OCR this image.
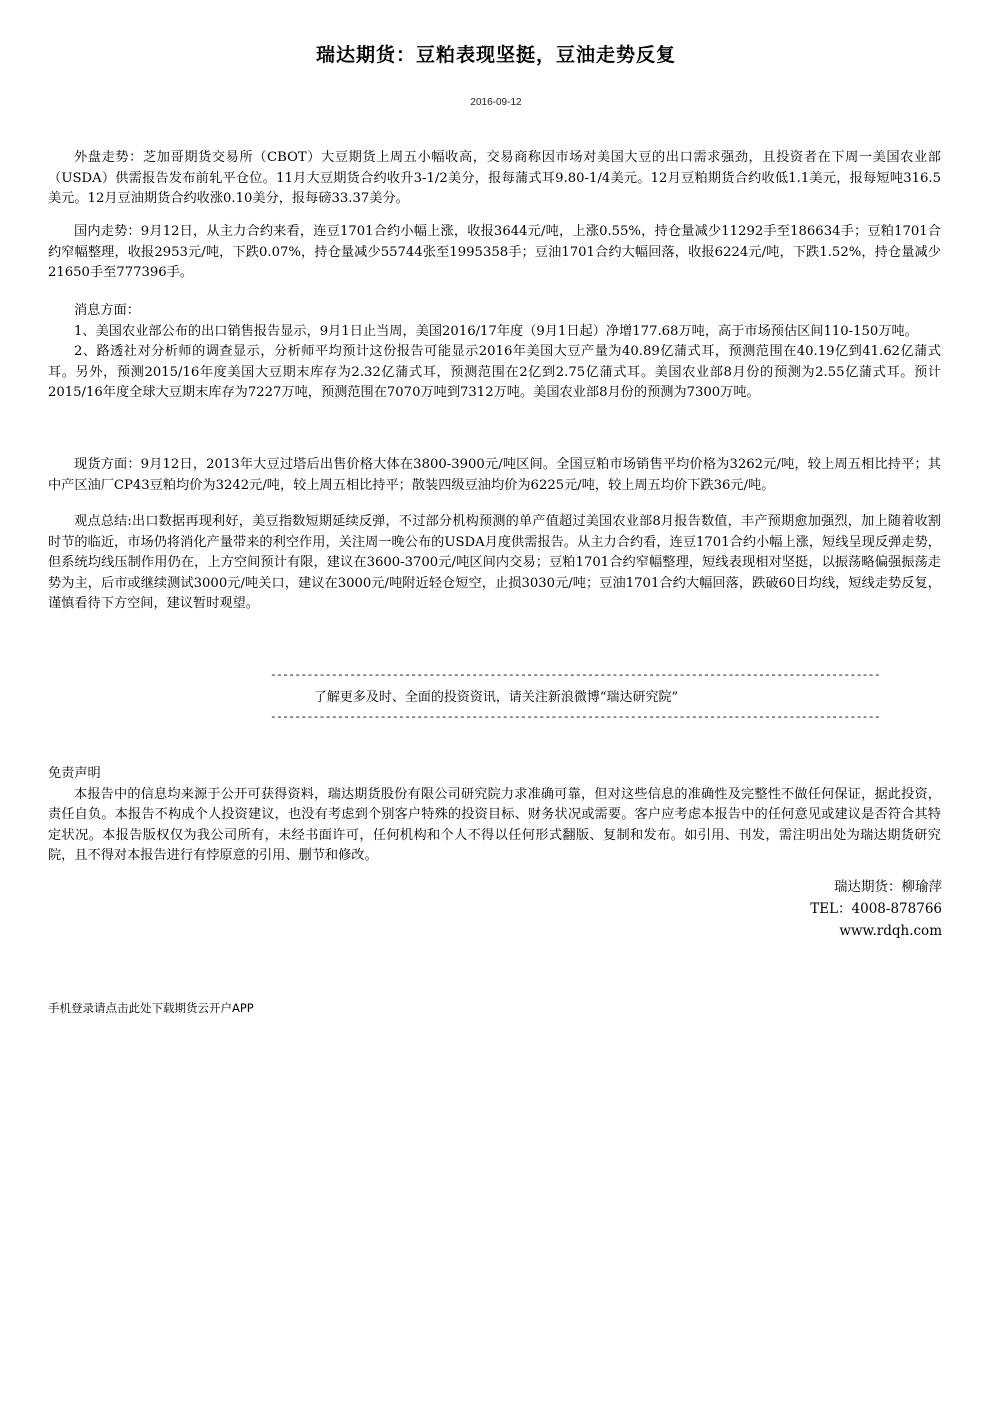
瑞达期货：豆粕表现坚挺，豆油走势反复
2016-09-12

外盘走势：芝加哥期货交易所（CBOT）大豆期货上周五小幅收高，交易商称因市场对美国大豆的出口需求强劲，且投资者在下周一美国农业部（USDA）供需报告发布前轧平仓位。11月大豆期货合约收升3-1/2美分，报每蒲式耳9.80-1/4美元。12月豆粕期货合约收低1.1美元，报每短吨316.5美元。12月豆油期货合约收涨0.10美分，报每磅33.37美分。

国内走势：9月12日，从主力合约来看，连豆1701合约小幅上涨，收报3644元/吨，上涨0.55%，持仓量减少11292手至186634手；豆粕1701合约窄幅整理，收报2953元/吨，下跌0.07%，持仓量减少55744张至1995358手；豆油1701合约大幅回落，收报6224元/吨，下跌1.52%，持仓量减少21650手至777396手。

消息方面：

1、美国农业部公布的出口销售报告显示，9月1日止当周，美国2016/17年度（9月1日起）净增177.68万吨，高于市场预估区间110-150万吨。

2、路透社对分析师的调查显示，分析师平均预计这份报告可能显示2016年美国大豆产量为40.89亿蒲式耳，预测范围在40.19亿到41.62亿蒲式耳。另外，预测2015/16年度美国大豆期末库存为2.32亿蒲式耳，预测范围在2亿到2.75亿蒲式耳。美国农业部8月份的预测为2.55亿蒲式耳。预计2015/16年度全球大豆期末库存为7227万吨，预测范围在7070万吨到7312万吨。美国农业部8月份的预测为7300万吨。

现货方面：9月12日，2013年大豆过塔后出售价格大体在3800-3900元/吨区间。全国豆粕市场销售平均价格为3262元/吨，较上周五相比持平；其中产区油厂CP43豆粕均价为3242元/吨，较上周五相比持平；散装四级豆油均价为6225元/吨，较上周五均价下跌36元/吨。

观点总结:出口数据再现利好，美豆指数短期延续反弹，不过部分机构预测的单产值超过美国农业部8月报告数值，丰产预期愈加强烈，加上随着收割时节的临近，市场仍将消化产量带来的利空作用，关注周一晚公布的USDA月度供需报告。从主力合约看，连豆1701合约小幅上涨，短线呈现反弹走势，但系统均线压制作用仍在，上方空间预计有限，建议在3600-3700元/吨区间内交易；豆粕1701合约窄幅整理，短线表现相对坚挺，以振荡略偏强振荡走势为主，后市或继续测试3000元/吨关口，建议在3000元/吨附近轻仓短空，止损3030元/吨；豆油1701合约大幅回落，跌破60日均线，短线走势反复，谨慎看待下方空间，建议暂时观望。

----------------------------------------------------------------------------------------------------
了解更多及时、全面的投资资讯，请关注新浪微博“瑞达研究院”
----------------------------------------------------------------------------------------------------

免责声明

本报告中的信息均来源于公开可获得资料，瑞达期货股份有限公司研究院力求准确可靠，但对这些信息的准确性及完整性不做任何保证，据此投资，责任自负。本报告不构成个人投资建议，也没有考虑到个别客户特殊的投资目标、财务状况或需要。客户应考虑本报告中的任何意见或建议是否符合其特定状况。本报告版权仅为我公司所有，未经书面许可，任何机构和个人不得以任何形式翻版、复制和发布。如引用、刊发，需注明出处为瑞达期货研究院，且不得对本报告进行有悖原意的引用、删节和修改。

瑞达期货：柳瑜萍
TEL：4008-878766
www.rdqh.com
手机登录请点击此处下载期货云开户APP
